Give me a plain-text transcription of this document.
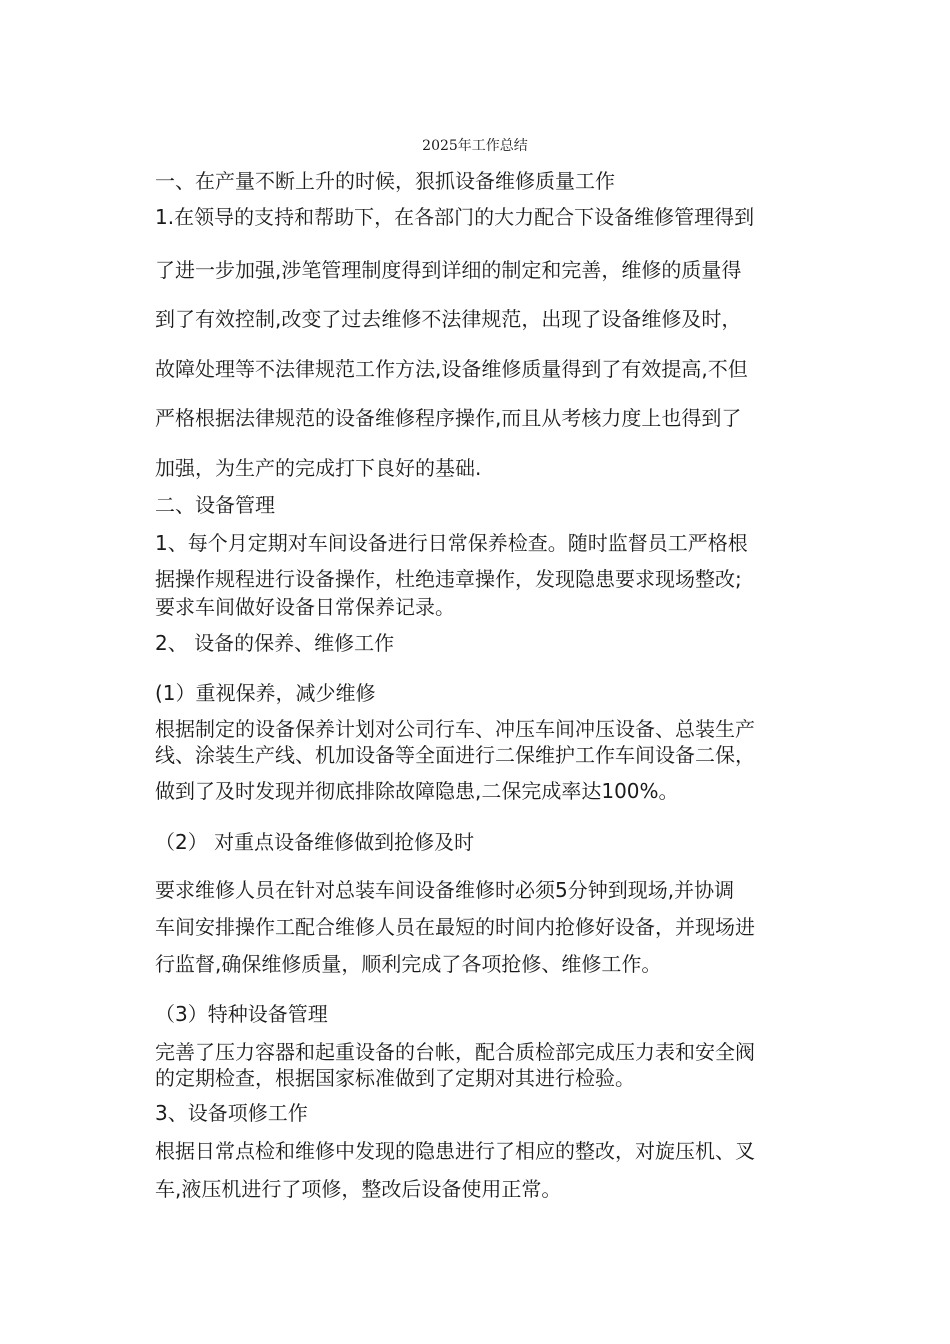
2025年工作总结
一、在产量不断上升的时候，狠抓设备维修质量工作
1.在领导的支持和帮助下，在各部门的大力配合下设备维修管理得到
了进一步加强,涉笔管理制度得到详细的制定和完善，维修的质量得
到了有效控制,改变了过去维修不法律规范，出现了设备维修及时，
故障处理等不法律规范工作方法,设备维修质量得到了有效提高,不但
严格根据法律规范的设备维修程序操作,而且从考核力度上也得到了
加强，为生产的完成打下良好的基础.
二、设备管理
1、每个月定期对车间设备进行日常保养检查。随时监督员工严格根
据操作规程进行设备操作，杜绝违章操作，发现隐患要求现场整改;
要求车间做好设备日常保养记录。
2、 设备的保养、维修工作
(1）重视保养，减少维修
根据制定的设备保养计划对公司行车、冲压车间冲压设备、总装生产
线、涂装生产线、机加设备等全面进行二保维护工作车间设备二保，
做到了及时发现并彻底排除故障隐患,二保完成率达100%。
（2） 对重点设备维修做到抢修及时
要求维修人员在针对总装车间设备维修时必须5分钟到现场,并协调
车间安排操作工配合维修人员在最短的时间内抢修好设备，并现场进
行监督,确保维修质量，顺利完成了各项抢修、维修工作。
（3）特种设备管理
完善了压力容器和起重设备的台帐，配合质检部完成压力表和安全阀
的定期检查，根据国家标准做到了定期对其进行检验。
3、设备项修工作
根据日常点检和维修中发现的隐患进行了相应的整改，对旋压机、叉
车,液压机进行了项修，整改后设备使用正常。
